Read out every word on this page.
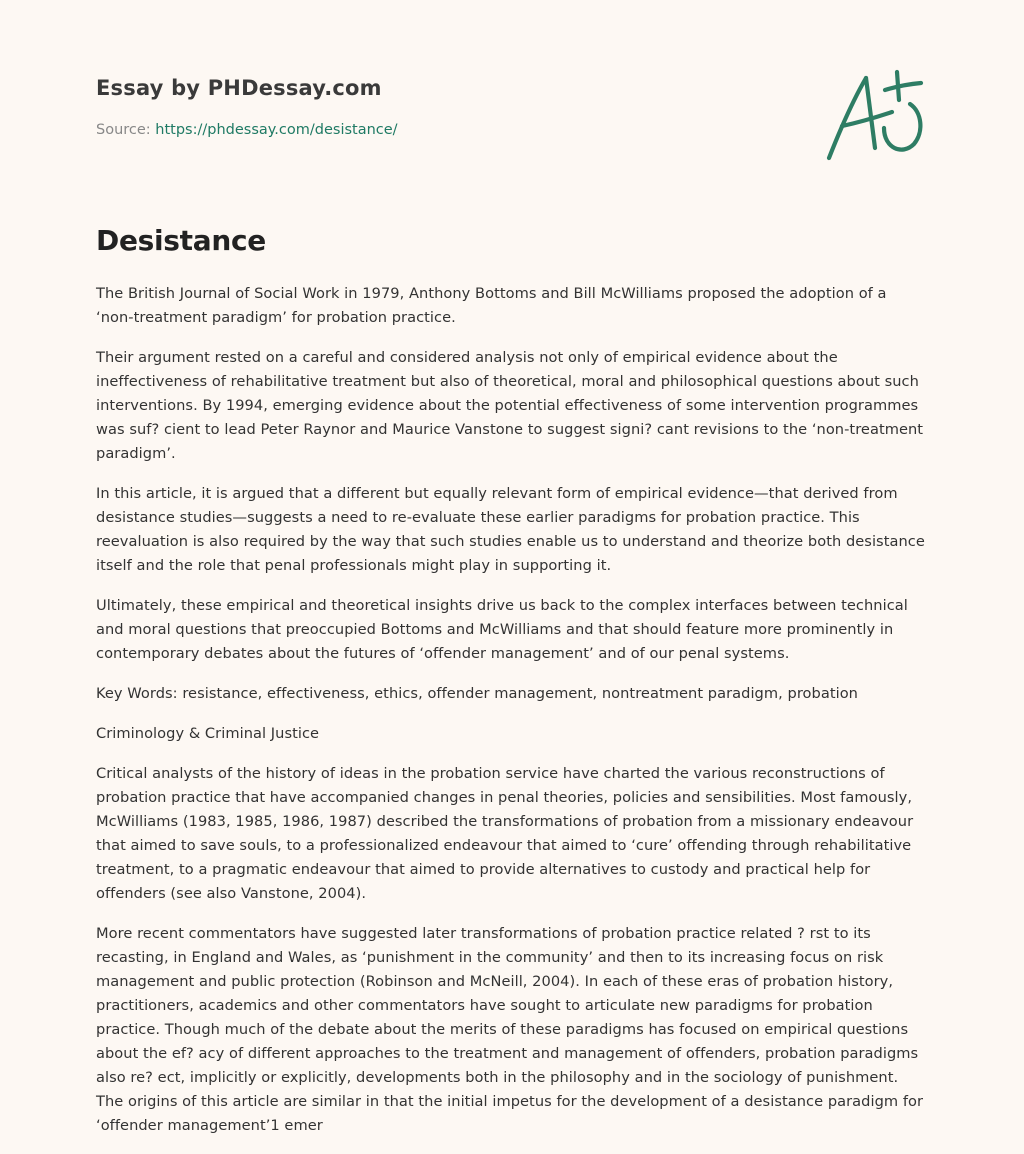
Essay by PHDessay.com
Source: https://phdessay.com/desistance/
Desistance

The British Journal of Social Work in 1979, Anthony Bottoms and Bill McWilliams proposed the adoption of a ‘non-treatment paradigm’ for probation practice.

Their argument rested on a careful and considered analysis not only of empirical evidence about the ineffectiveness of rehabilitative treatment but also of theoretical, moral and philosophical questions about such interventions. By 1994, emerging evidence about the potential effectiveness of some intervention programmes was suf? cient to lead Peter Raynor and Maurice Vanstone to suggest signi? cant revisions to the ‘non-treatment paradigm’.

In this article, it is argued that a different but equally relevant form of empirical evidence—that derived from desistance studies—suggests a need to re-evaluate these earlier paradigms for probation practice. This reevaluation is also required by the way that such studies enable us to understand and theorize both desistance itself and the role that penal professionals might play in supporting it.

Ultimately, these empirical and theoretical insights drive us back to the complex interfaces between technical and moral questions that preoccupied Bottoms and McWilliams and that should feature more prominently in contemporary debates about the futures of ‘offender management’ and of our penal systems.

Key Words: resistance, effectiveness, ethics, offender management, nontreatment paradigm, probation

Criminology & Criminal Justice

Critical analysts of the history of ideas in the probation service have charted the various reconstructions of probation practice that have accompanied changes in penal theories, policies and sensibilities. Most famously, McWilliams (1983, 1985, 1986, 1987) described the transformations of probation from a missionary endeavour that aimed to save souls, to a professionalized endeavour that aimed to ‘cure’ offending through rehabilitative treatment, to a pragmatic endeavour that aimed to provide alternatives to custody and practical help for offenders (see also Vanstone, 2004).

More recent commentators have suggested later transformations of probation practice related ? rst to its recasting, in England and Wales, as ‘punishment in the community’ and then to its increasing focus on risk management and public protection (Robinson and McNeill, 2004). In each of these eras of probation history, practitioners, academics and other commentators have sought to articulate new paradigms for probation practice. Though much of the debate about the merits of these paradigms has focused on empirical questions about the ef? acy of different approaches to the treatment and management of offenders, probation paradigms also re? ect, implicitly or explicitly, developments both in the philosophy and in the sociology of punishment. The origins of this article are similar in that the initial impetus for the development of a desistance paradigm for ‘offender management’1 emer
